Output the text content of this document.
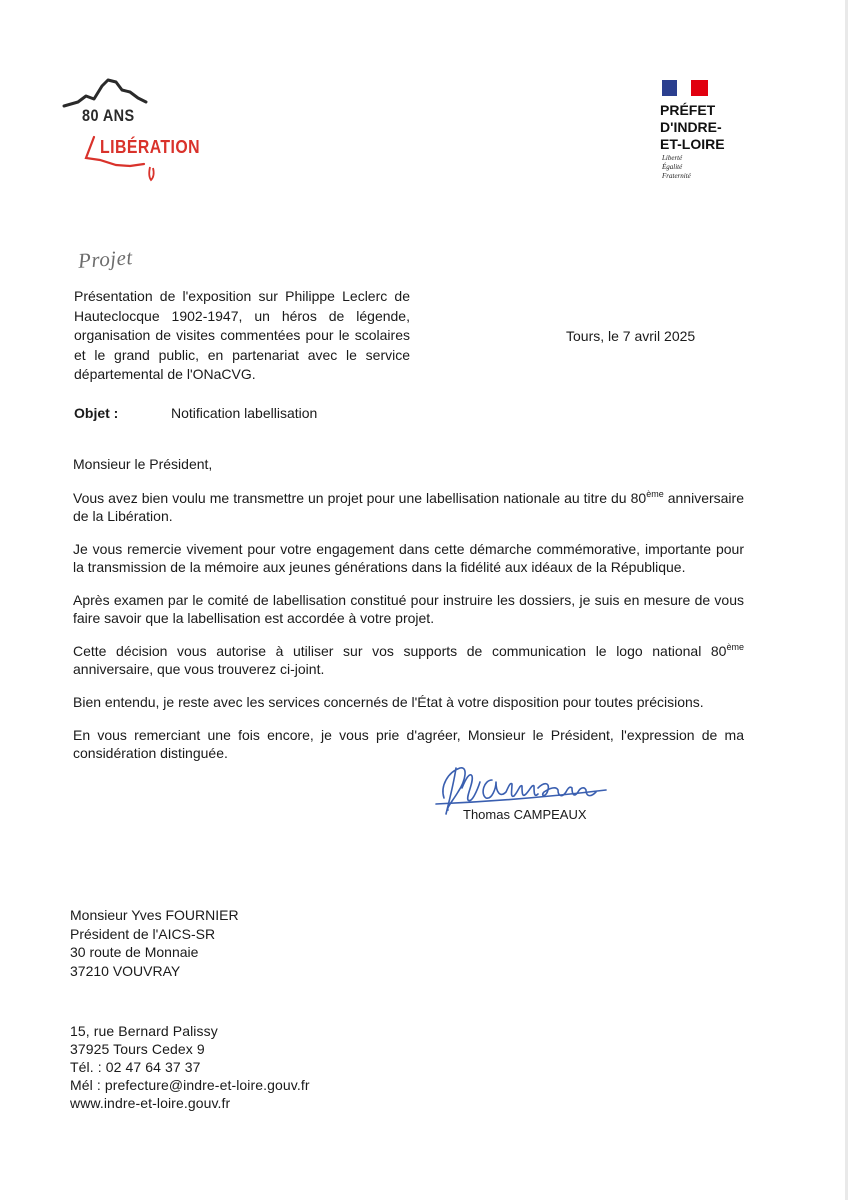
80 ANS
LIBÉRATION
PRÉFET
D'INDRE-
ET-LOIRE
Liberté
Égalité
Fraternité
Projet
Présentation de l'exposition sur Philippe Leclerc de Hauteclocque 1902-1947, un héros de légende, organisation de visites commentées pour le scolaires et le grand public, en partenariat avec le service départemental de l'ONaCVG.
Tours, le 7 avril 2025
Objet :	Notification labellisation

Monsieur le Président,

Vous avez bien voulu me transmettre un projet pour une labellisation nationale au titre du 80ème anniversaire de la Libération.

Je vous remercie vivement pour votre engagement dans cette démarche commémorative, importante pour la transmission de la mémoire aux jeunes générations dans la fidélité aux idéaux de la République.

Après examen par le comité de labellisation constitué pour instruire les dossiers, je suis en mesure de vous faire savoir que la labellisation est accordée à votre projet.

Cette décision vous autorise à utiliser sur vos supports de communication le logo national 80ème anniversaire, que vous trouverez ci-joint.

Bien entendu, je reste avec les services concernés de l'État à votre disposition pour toutes précisions.

En vous remerciant une fois encore, je vous prie d'agréer, Monsieur le Président, l'expression de ma considération distinguée.

Thomas CAMPEAUX
Monsieur Yves FOURNIER
Président de l'AICS-SR
30 route de Monnaie
37210 VOUVRAY
15, rue Bernard Palissy
37925 Tours Cedex 9
Tél. : 02 47 64 37 37
Mél : prefecture@indre-et-loire.gouv.fr
www.indre-et-loire.gouv.fr
